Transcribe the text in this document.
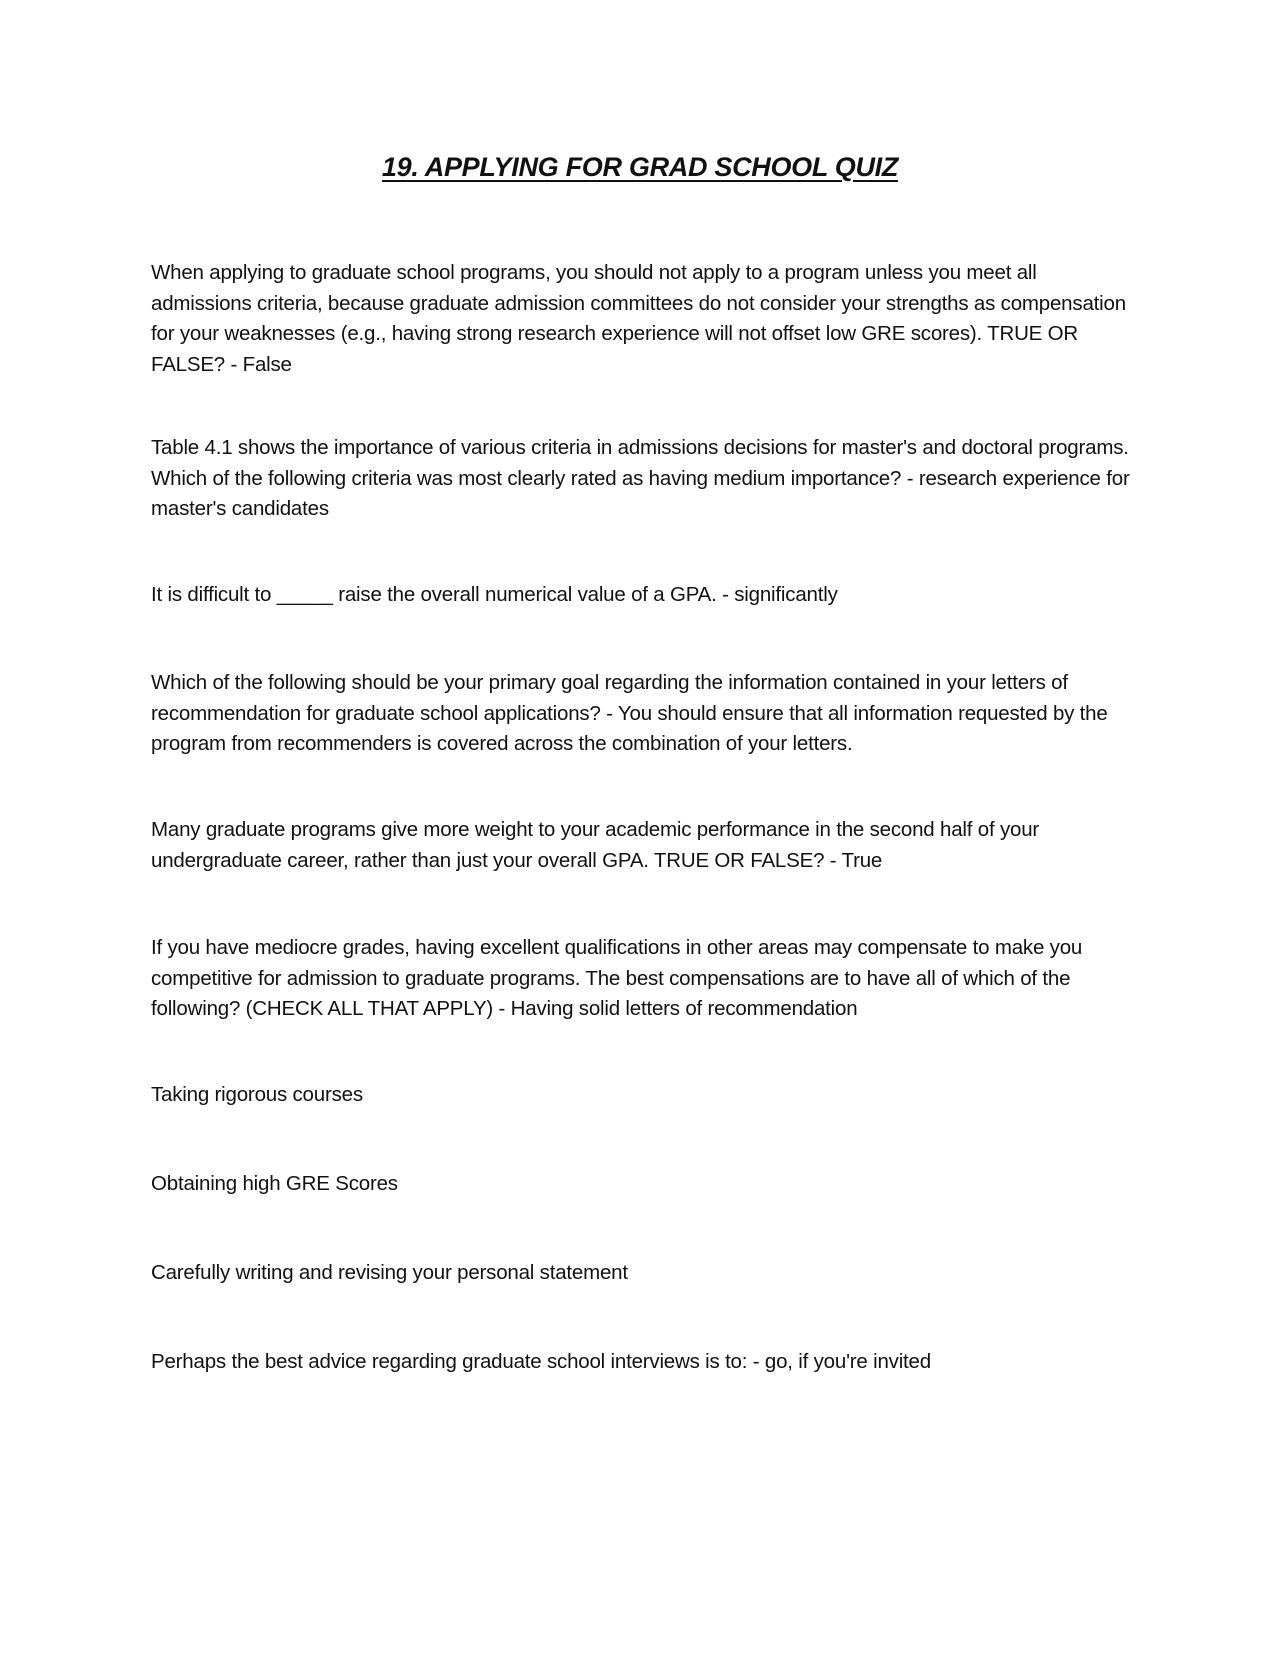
19. APPLYING FOR GRAD SCHOOL QUIZ

When applying to graduate school programs, you should not apply to a program unless you meet all admissions criteria, because graduate admission committees do not consider your strengths as compensation for your weaknesses (e.g., having strong research experience will not offset low GRE scores). TRUE OR FALSE? - False

Table 4.1 shows the importance of various criteria in admissions decisions for master's and doctoral programs. Which of the following criteria was most clearly rated as having medium importance? - research experience for master's candidates

It is difficult to _____ raise the overall numerical value of a GPA. - significantly

Which of the following should be your primary goal regarding the information contained in your letters of recommendation for graduate school applications? - You should ensure that all information requested by the program from recommenders is covered across the combination of your letters.

Many graduate programs give more weight to your academic performance in the second half of your undergraduate career, rather than just your overall GPA. TRUE OR FALSE? - True

If you have mediocre grades, having excellent qualifications in other areas may compensate to make you competitive for admission to graduate programs. The best compensations are to have all of which of the following? (CHECK ALL THAT APPLY) - Having solid letters of recommendation

Taking rigorous courses

Obtaining high GRE Scores

Carefully writing and revising your personal statement

Perhaps the best advice regarding graduate school interviews is to: - go, if you're invited
